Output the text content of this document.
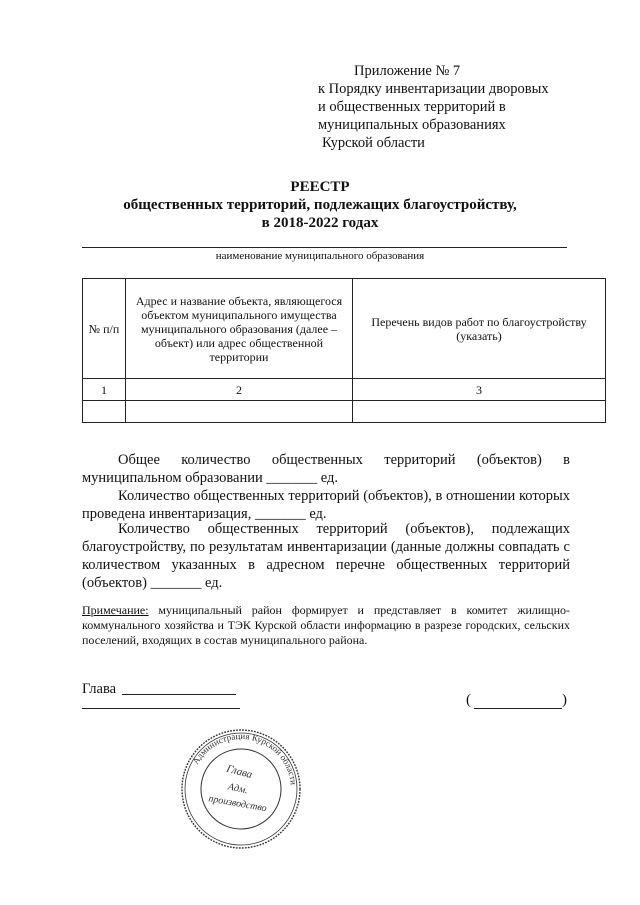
Приложение № 7
к Порядку инвентаризации дворовых
и общественных территорий в
муниципальных образованиях
Курской области
РЕЕСТР
общественных территорий, подлежащих благоустройству,
в 2018-2022 годах
наименование муниципального образования
№ п/п	Адрес и название объекта, являющегося объектом муниципального имущества муниципального образования (далее – объект) или адрес общественной территории	Перечень видов работ по благоустройству (указать)
1	2	3

Общее количество общественных территорий (объектов) в муниципальном образовании _______ ед.
Количество общественных территорий (объектов), в отношении которых проведена инвентаризация, _______ ед.
Количество общественных территорий (объектов), подлежащих благоустройству, по результатам инвентаризации (данные должны совпадать с количеством указанных в адресном перечне общественных территорий (объектов) _______ ед.
Примечание: муниципальный район формирует и представляет в комитет жилищно-коммунального хозяйства и ТЭК Курской области информацию в разрезе городских, сельских поселений, входящих в состав муниципального района.
Глава
(	)
Администрация Курской области
Глава
Адм.
производство
